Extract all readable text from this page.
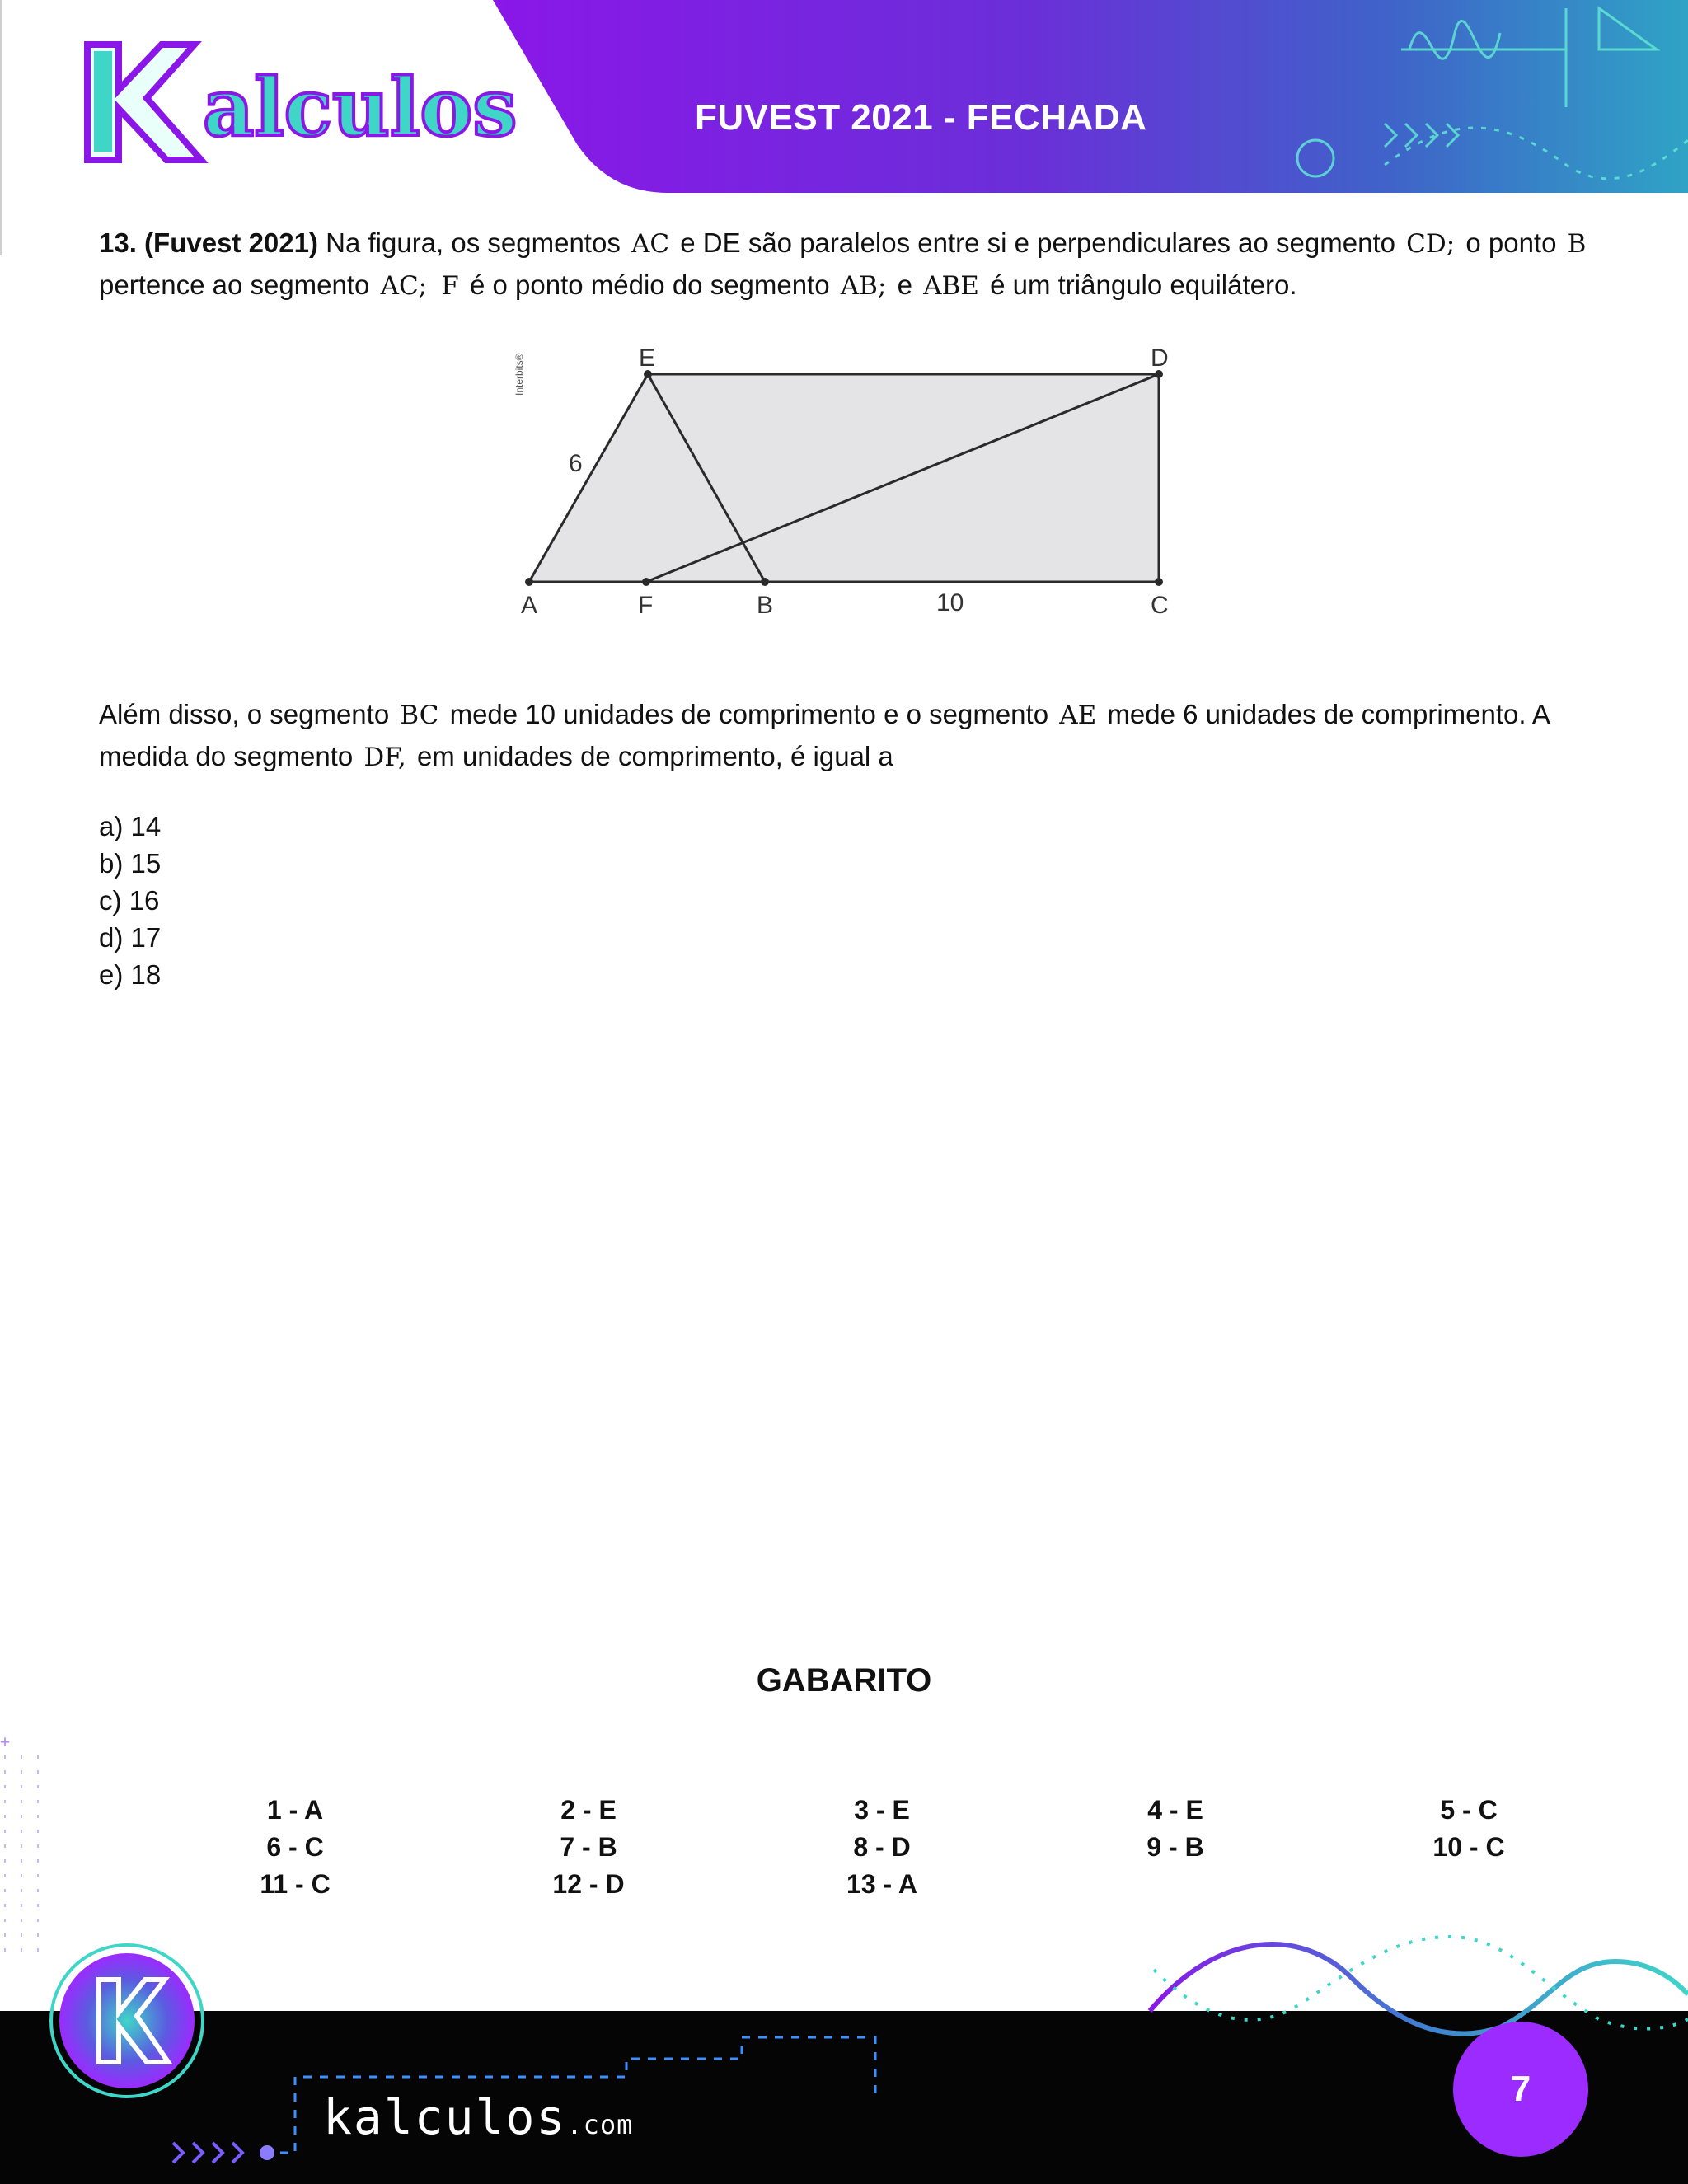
alculos	FUVEST 2021 - FECHADA
13. (Fuvest 2021) Na figura, os segmentos AC e DE são paralelos entre si e perpendiculares ao segmento CD; o ponto B pertence ao segmento AC; F é o ponto médio do segmento AB; e ABE é um triângulo equilátero.
A	F	B	C
D
E
6
10
Interbits®
Além disso, o segmento BC mede 10 unidades de comprimento e o segmento AE mede 6 unidades de comprimento. A medida do segmento DF, em unidades de comprimento, é igual a
a) 14
b) 15
c) 16
d) 17
e) 18
GABARITO
1 - A	2 - E	3 - E	4 - E	5 - C
6 - C	7 - B	8 - D	9 - B	10 - C
11 - C	12 - D	13 - A
+
kalculos.com
7
